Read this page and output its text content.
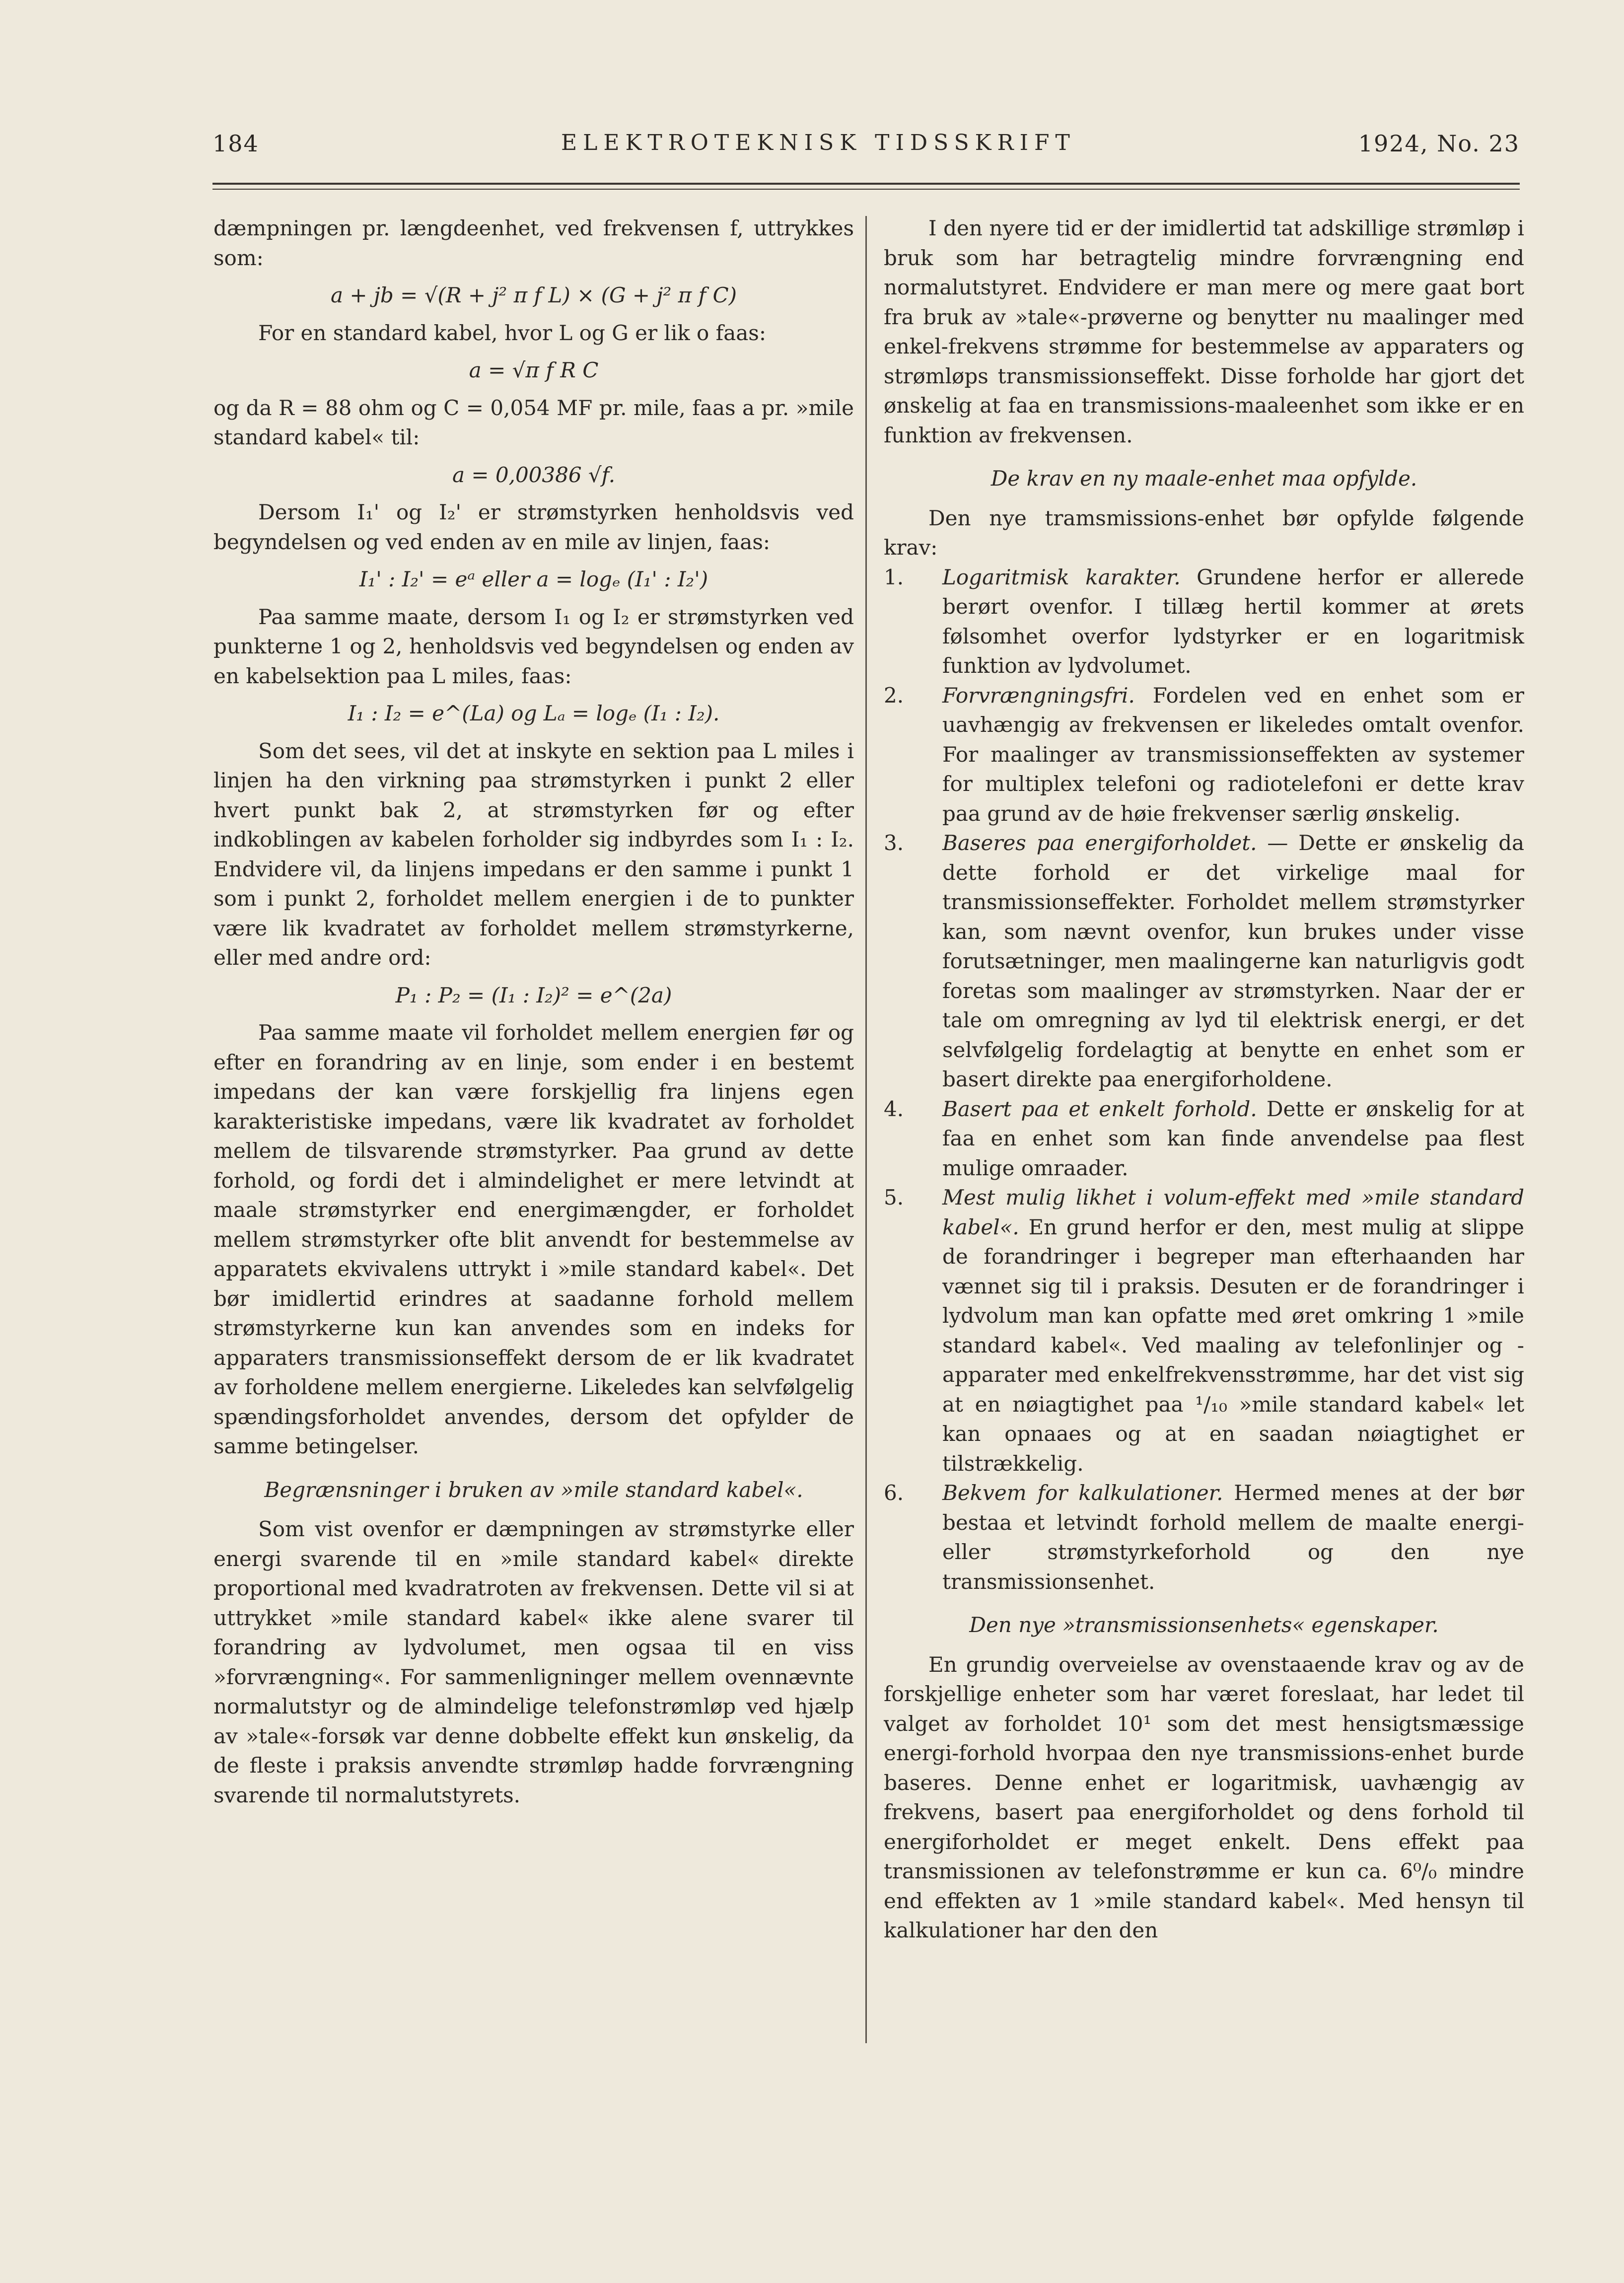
184	ELEKTROTEKNISK TIDSSKRIFT	1924, No. 23

dæmpningen pr. længdeenhet, ved frekvensen f, uttrykkes som:

a + jb = √(R + j² π f L) × (G + j² π f C)

For en standard kabel, hvor L og G er lik o faas:

a = √π f R C

og da R = 88 ohm og C = 0,054 MF pr. mile, faas a pr. »mile standard kabel« til:

a = 0,00386 √f.

Dersom I₁' og I₂' er strømstyrken henholdsvis ved begyndelsen og ved enden av en mile av linjen, faas:

I₁' : I₂' = eᵃ eller a = logₑ (I₁' : I₂')

Paa samme maate, dersom I₁ og I₂ er strømstyrken ved punkterne 1 og 2, henholdsvis ved begyndelsen og enden av en kabelsektion paa L miles, faas:

I₁ : I₂ = e^(La) og Lₐ = logₑ (I₁ : I₂).

Som det sees, vil det at inskyte en sektion paa L miles i linjen ha den virkning paa strømstyrken i punkt 2 eller hvert punkt bak 2, at strømstyrken før og efter indkoblingen av kabelen forholder sig indbyrdes som I₁ : I₂. Endvidere vil, da linjens impedans er den samme i punkt 1 som i punkt 2, forholdet mellem energien i de to punkter være lik kvadratet av forholdet mellem strømstyrkerne, eller med andre ord:

P₁ : P₂ = (I₁ : I₂)² = e^(2a)

Paa samme maate vil forholdet mellem energien før og efter en forandring av en linje, som ender i en bestemt impedans der kan være forskjellig fra linjens egen karakteristiske impedans, være lik kvadratet av forholdet mellem de tilsvarende strømstyrker. Paa grund av dette forhold, og fordi det i almindelighet er mere letvindt at maale strømstyrker end energimængder, er forholdet mellem strømstyrker ofte blit anvendt for bestemmelse av apparatets ekvivalens uttrykt i »mile standard kabel«. Det bør imidlertid erindres at saadanne forhold mellem strømstyrkerne kun kan anvendes som en indeks for apparaters transmissionseffekt dersom de er lik kvadratet av forholdene mellem energierne. Likeledes kan selvfølgelig spændingsforholdet anvendes, dersom det opfylder de samme betingelser.

Begrænsninger i bruken av »mile standard kabel«.

Som vist ovenfor er dæmpningen av strømstyrke eller energi svarende til en »mile standard kabel« direkte proportional med kvadratroten av frekvensen. Dette vil si at uttrykket »mile standard kabel« ikke alene svarer til forandring av lydvolumet, men ogsaa til en viss »forvrængning«. For sammenligninger mellem ovennævnte normalutstyr og de almindelige telefonstrømløp ved hjælp av »tale«-forsøk var denne dobbelte effekt kun ønskelig, da de fleste i praksis anvendte strømløp hadde forvrængning svarende til normalutstyrets.

I den nyere tid er der imidlertid tat adskillige strømløp i bruk som har betragtelig mindre forvrængning end normalutstyret. Endvidere er man mere og mere gaat bort fra bruk av »tale«-prøverne og benytter nu maalinger med enkel-frekvens strømme for bestemmelse av apparaters og strømløps transmissionseffekt. Disse forholde har gjort det ønskelig at faa en transmissions-maaleenhet som ikke er en funktion av frekvensen.

De krav en ny maale-enhet maa opfylde.

Den nye tramsmissions-enhet bør opfylde følgende krav:

1.	Logaritmisk karakter. Grundene herfor er allerede berørt ovenfor. I tillæg hertil kommer at ørets følsomhet overfor lydstyrker er en logaritmisk funktion av lydvolumet.
2.	Forvrængningsfri. Fordelen ved en enhet som er uavhængig av frekvensen er likeledes omtalt ovenfor. For maalinger av transmissionseffekten av systemer for multiplex telefoni og radiotelefoni er dette krav paa grund av de høie frekvenser særlig ønskelig.
3.	Baseres paa energiforholdet. — Dette er ønskelig da dette forhold er det virkelige maal for transmissionseffekter. Forholdet mellem strømstyrker kan, som nævnt ovenfor, kun brukes under visse forutsætninger, men maalingerne kan naturligvis godt foretas som maalinger av strømstyrken. Naar der er tale om omregning av lyd til elektrisk energi, er det selvfølgelig fordelagtig at benytte en enhet som er basert direkte paa energiforholdene.
4.	Basert paa et enkelt forhold. Dette er ønskelig for at faa en enhet som kan finde anvendelse paa flest mulige omraader.
5.	Mest mulig likhet i volum-effekt med »mile standard kabel«. En grund herfor er den, mest mulig at slippe de forandringer i begreper man efterhaanden har vænnet sig til i praksis. Desuten er de forandringer i lydvolum man kan opfatte med øret omkring 1 »mile standard kabel«. Ved maaling av telefonlinjer og -apparater med enkelfrekvensstrømme, har det vist sig at en nøiagtighet paa ¹/₁₀ »mile standard kabel« let kan opnaaes og at en saadan nøiagtighet er tilstrækkelig.
6.	Bekvem for kalkulationer. Hermed menes at der bør bestaa et letvindt forhold mellem de maalte energi- eller strømstyrkeforhold og den nye transmissionsenhet.
Den nye »transmissionsenhets« egenskaper.

En grundig overveielse av ovenstaaende krav og av de forskjellige enheter som har været foreslaat, har ledet til valget av forholdet 10¹ som det mest hensigtsmæssige energi-forhold hvorpaa den nye transmissions-enhet burde baseres. Denne enhet er logaritmisk, uavhængig av frekvens, basert paa energiforholdet og dens forhold til energiforholdet er meget enkelt. Dens effekt paa transmissionen av telefonstrømme er kun ca. 6⁰/₀ mindre end effekten av 1 »mile standard kabel«. Med hensyn til kalkulationer har den den
